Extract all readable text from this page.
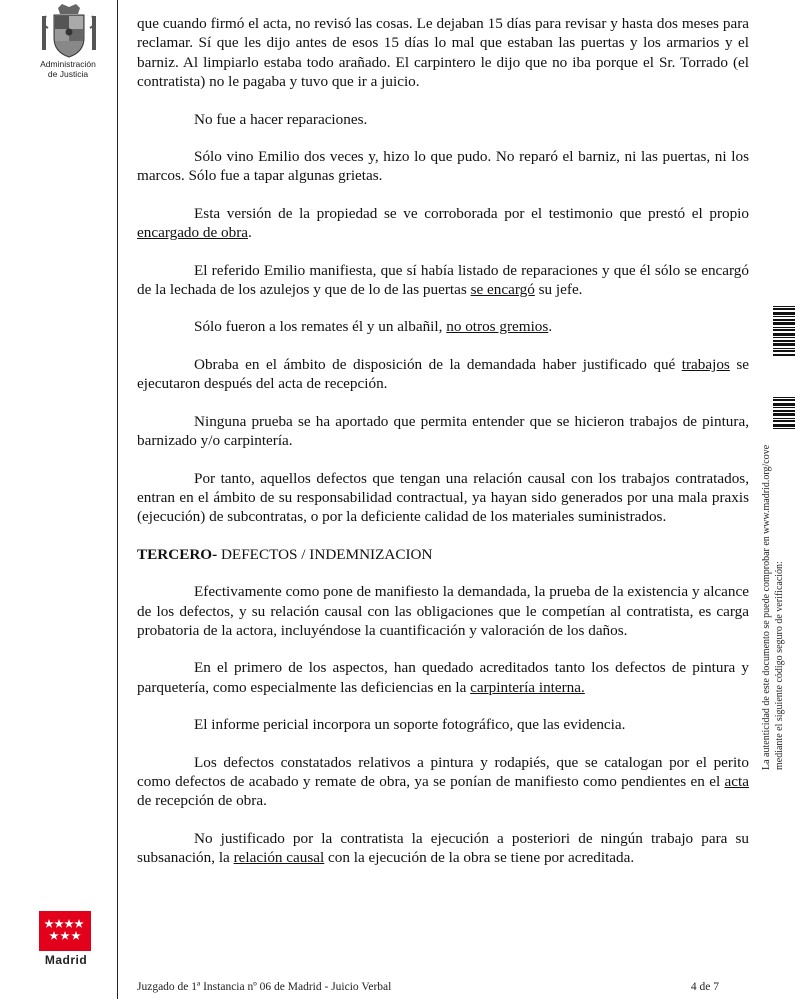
Administración
de Justicia
Madrid

que cuando firmó el acta, no revisó las cosas. Le dejaban 15 días para revisar y hasta dos meses para reclamar. Sí que les dijo antes de esos 15 días lo mal que estaban las puertas y los armarios y el barniz. Al limpiarlo estaba todo arañado. El carpintero le dijo que no iba porque el Sr. Torrado (el contratista) no le pagaba y tuvo que ir a juicio.

No fue a hacer reparaciones.

Sólo vino Emilio dos veces y, hizo lo que pudo. No reparó el barniz, ni las puertas, ni los marcos. Sólo fue a tapar algunas grietas.

Esta versión de la propiedad se ve corroborada por el testimonio que prestó el propio encargado de obra.

El referido Emilio manifiesta, que sí había listado de reparaciones y que él sólo se encargó de la lechada de los azulejos y que de lo de las puertas se encargó su jefe.

Sólo fueron a los remates él y un albañil, no otros gremios.

Obraba en el ámbito de disposición de la demandada haber justificado qué trabajos se ejecutaron después del acta de recepción.

Ninguna prueba se ha aportado que permita entender que se hicieron trabajos de pintura, barnizado y/o carpintería.

Por tanto, aquellos defectos que tengan una relación causal con los trabajos contratados, entran en el ámbito de su responsabilidad contractual, ya hayan sido generados por una mala praxis (ejecución) de subcontratas, o por la deficiente calidad de los materiales suministrados.

TERCERO- DEFECTOS / INDEMNIZACION

Efectivamente como pone de manifiesto la demandada, la prueba de la existencia y alcance de los defectos, y su relación causal con las obligaciones que le competían al contratista, es carga probatoria de la actora, incluyéndose la cuantificación y valoración de los daños.

En el primero de los aspectos, han quedado acreditados tanto los defectos de pintura y parquetería, como especialmente las deficiencias en la carpintería interna.

El informe pericial incorpora un soporte fotográfico, que las evidencia.

Los defectos constatados relativos a pintura y rodapiés, que se catalogan por el perito como defectos de acabado y remate de obra, ya se ponían de manifiesto como pendientes en el acta de recepción de obra.

No justificado por la contratista la ejecución a posteriori de ningún trabajo para su subsanación, la relación causal con la ejecución de la obra se tiene por acreditada.

La autenticidad de este documento se puede comprobar en
www.madrid.org/cove
mediante el siguiente código seguro de verificación:
Juzgado de 1ª Instancia nº 06 de Madrid - Juicio Verbal	4 de 7
